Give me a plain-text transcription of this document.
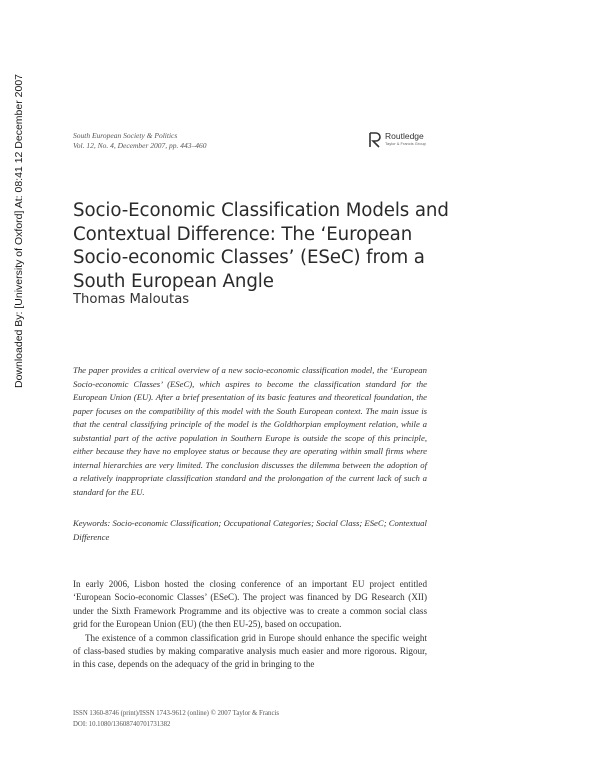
Downloaded By: [University of Oxford] At: 08:41 12 December 2007	South European Society & Politics
Vol. 12, No. 4, December 2007, pp. 443–460
Routledge
Taylor & Francis Group
Socio-Economic Classification Models and Contextual Difference: The ‘European Socio-economic Classes’ (ESeC) from a South European Angle

Thomas Maloutas

The paper provides a critical overview of a new socio-economic classification model, the ‘European Socio-economic Classes’ (ESeC), which aspires to become the classification standard for the European Union (EU). After a brief presentation of its basic features and theoretical foundation, the paper focuses on the compatibility of this model with the South European context. The main issue is that the central classifying principle of the model is the Goldthorpian employment relation, while a substantial part of the active population in Southern Europe is outside the scope of this principle, either because they have no employee status or because they are operating within small firms where internal hierarchies are very limited. The conclusion discusses the dilemma between the adoption of a relatively inappropriate classification standard and the prolongation of the current lack of such a standard for the EU.

Keywords: Socio-economic Classification; Occupational Categories; Social Class; ESeC; Contextual Difference

In early 2006, Lisbon hosted the closing conference of an important EU project entitled ‘European Socio-economic Classes’ (ESeC). The project was financed by DG Research (XII) under the Sixth Framework Programme and its objective was to create a common social class grid for the European Union (EU) (the then EU-25), based on occupation.

The existence of a common classification grid in Europe should enhance the specific weight of class-based studies by making comparative analysis much easier and more rigorous. Rigour, in this case, depends on the adequacy of the grid in bringing to the

ISSN 1360-8746 (print)/ISSN 1743-9612 (online) © 2007 Taylor & Francis
DOI: 10.1080/13608740701731382
